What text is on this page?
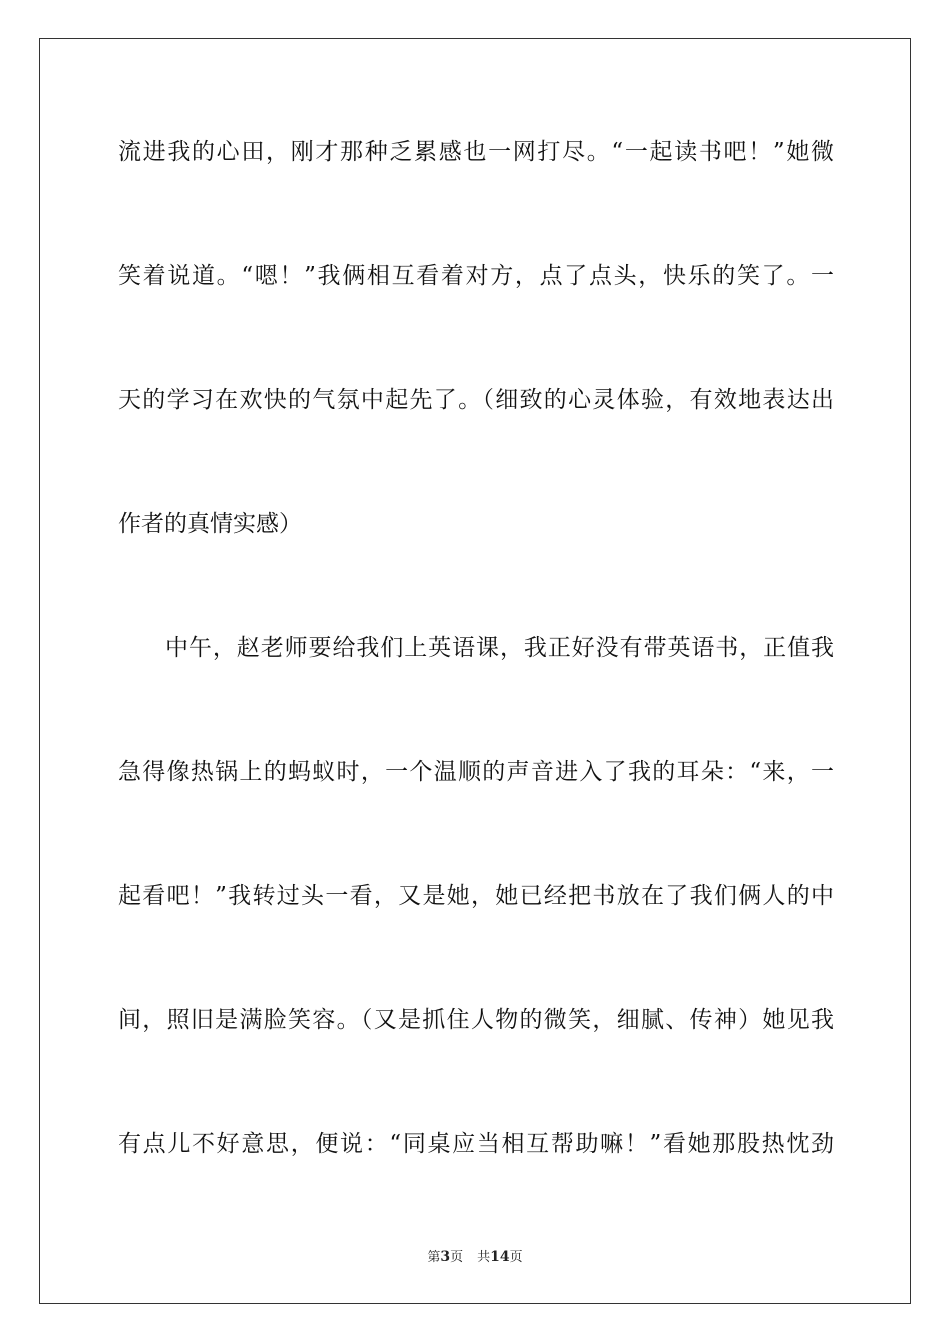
流进我的心田，刚才那种乏累感也一网打尽。“一起读书吧！”她微
笑着说道。“嗯！”我俩相互看着对方，点了点头，快乐的笑了。一
天的学习在欢快的气氛中起先了。（细致的心灵体验，有效地表达出
作者的真情实感）
中午，赵老师要给我们上英语课，我正好没有带英语书，正值我
急得像热锅上的蚂蚁时，一个温顺的声音进入了我的耳朵：“来，一
起看吧！”我转过头一看，又是她，她已经把书放在了我们俩人的中
间，照旧是满脸笑容。（又是抓住人物的微笑，细腻、传神）她见我
有点儿不好意思，便说：“同桌应当相互帮助嘛！”看她那股热忱劲
第3页 共14页
